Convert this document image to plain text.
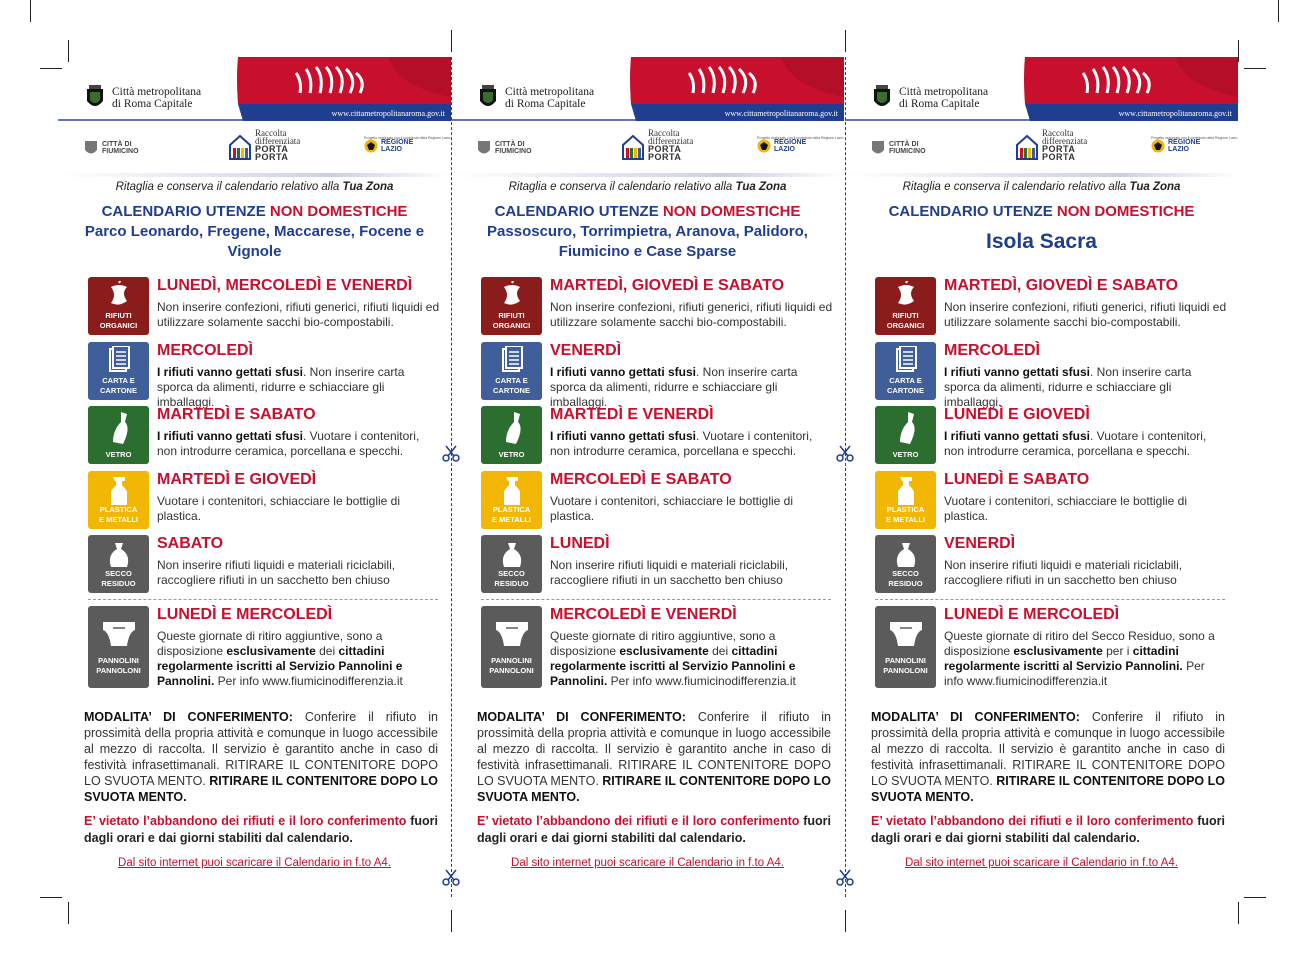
Città metropolitana
di Roma Capitale
www.cittametropolitanaroma.gov.it
CITTÀ DI
FIUMICINO
Raccolta
differenziata
PORTA
PORTA
Progetto realizzato con il contributo della Regione Lazio
REGIONE
LAZIO
Ritaglia e conserva il calendario relativo alla Tua Zona
CALENDARIO UTENZE NON DOMESTICHE
Parco Leonardo, Fregene, Maccarese, Focene e Vignole
RIFIUTI
ORGANICI
LUNEDÌ, MERCOLEDÌ E VENERDÌ
Non inserire confezioni, rifiuti generici, rifiuti liquidi ed utilizzare solamente sacchi bio-compostabili.
CARTA E
CARTONE
MERCOLEDÌ
I rifiuti vanno gettati sfusi. Non inserire carta sporca da alimenti, ridurre e schiacciare gli imballaggi.
VETRO
MARTEDÌ E SABATO
I rifiuti vanno gettati sfusi. Vuotare i contenitori, non introdurre ceramica, porcellana e specchi.
PLASTICA
E METALLI
MARTEDÌ E GIOVEDÌ
Vuotare i contenitori, schiacciare le bottiglie di plastica.
SECCO
RESIDUO
SABATO
Non inserire rifiuti liquidi e materiali riciclabili, raccogliere rifiuti in un sacchetto ben chiuso
PANNOLINI
PANNOLONI
LUNEDÌ E MERCOLEDÌ
Queste giornate di ritiro aggiuntive, sono a disposizione esclusivamente dei cittadini regolarmente iscritti al Servizio Pannolini e Pannolini. Per info www.fiumicinodifferenzia.it
MODALITA’ DI CONFERIMENTO: Conferire il rifiuto in prossimità della propria attività e comunque in luogo accessibile al mezzo di raccolta. Il servizio è garantito anche in caso di festività infrasettimanali. RITIRARE IL CONTENITORE DOPO LO SVUOTA MENTO. RITIRARE IL CONTENITORE DOPO LO SVUOTA MENTO.
E’ vietato l’abbandono dei rifiuti e il loro conferimento fuori dagli orari e dai giorni stabiliti dal calendario.
Dal sito internet puoi scaricare il Calendario in f.to A4.
Città metropolitana
di Roma Capitale
www.cittametropolitanaroma.gov.it
CITTÀ DI
FIUMICINO
Raccolta
differenziata
PORTA
PORTA
Progetto realizzato con il contributo della Regione Lazio
REGIONE
LAZIO
Ritaglia e conserva il calendario relativo alla Tua Zona
CALENDARIO UTENZE NON DOMESTICHE
Passoscuro, Torrimpietra, Aranova, Palidoro, Fiumicino e Case Sparse
RIFIUTI
ORGANICI
MARTEDÌ, GIOVEDÌ E SABATO
Non inserire confezioni, rifiuti generici, rifiuti liquidi ed utilizzare solamente sacchi bio-compostabili.
CARTA E
CARTONE
VENERDÌ
I rifiuti vanno gettati sfusi. Non inserire carta sporca da alimenti, ridurre e schiacciare gli imballaggi.
VETRO
MARTEDÌ E VENERDÌ
I rifiuti vanno gettati sfusi. Vuotare i contenitori, non introdurre ceramica, porcellana e specchi.
PLASTICA
E METALLI
MERCOLEDÌ E SABATO
Vuotare i contenitori, schiacciare le bottiglie di plastica.
SECCO
RESIDUO
LUNEDÌ
Non inserire rifiuti liquidi e materiali riciclabili, raccogliere rifiuti in un sacchetto ben chiuso
PANNOLINI
PANNOLONI
MERCOLEDÌ E VENERDÌ
Queste giornate di ritiro aggiuntive, sono a disposizione esclusivamente dei cittadini regolarmente iscritti al Servizio Pannolini e Pannolini. Per info www.fiumicinodifferenzia.it
MODALITA’ DI CONFERIMENTO: Conferire il rifiuto in prossimità della propria attività e comunque in luogo accessibile al mezzo di raccolta. Il servizio è garantito anche in caso di festività infrasettimanali. RITIRARE IL CONTENITORE DOPO LO SVUOTA MENTO. RITIRARE IL CONTENITORE DOPO LO SVUOTA MENTO.
E’ vietato l’abbandono dei rifiuti e il loro conferimento fuori dagli orari e dai giorni stabiliti dal calendario.
Dal sito internet puoi scaricare il Calendario in f.to A4.
Città metropolitana
di Roma Capitale
www.cittametropolitanaroma.gov.it
CITTÀ DI
FIUMICINO
Raccolta
differenziata
PORTA
PORTA
Progetto realizzato con il contributo della Regione Lazio
REGIONE
LAZIO
Ritaglia e conserva il calendario relativo alla Tua Zona
CALENDARIO UTENZE NON DOMESTICHE
Isola Sacra
RIFIUTI
ORGANICI
MARTEDÌ, GIOVEDÌ E SABATO
Non inserire confezioni, rifiuti generici, rifiuti liquidi ed utilizzare solamente sacchi bio-compostabili.
CARTA E
CARTONE
MERCOLEDÌ
I rifiuti vanno gettati sfusi. Non inserire carta sporca da alimenti, ridurre e schiacciare gli imballaggi.
VETRO
LUNEDÌ E GIOVEDÌ
I rifiuti vanno gettati sfusi. Vuotare i contenitori, non introdurre ceramica, porcellana e specchi.
PLASTICA
E METALLI
LUNEDÌ E SABATO
Vuotare i contenitori, schiacciare le bottiglie di plastica.
SECCO
RESIDUO
VENERDÌ
Non inserire rifiuti liquidi e materiali riciclabili, raccogliere rifiuti in un sacchetto ben chiuso
PANNOLINI
PANNOLONI
LUNEDÌ E MERCOLEDÌ
Queste giornate di ritiro del Secco Residuo, sono a disposizione esclusivamente per i cittadini regolarmente iscritti al Servizio Pannolini. Per info www.fiumicinodifferenzia.it
MODALITA’ DI CONFERIMENTO: Conferire il rifiuto in prossimità della propria attività e comunque in luogo accessibile al mezzo di raccolta. Il servizio è garantito anche in caso di festività infrasettimanali. RITIRARE IL CONTENITORE DOPO LO SVUOTA MENTO. RITIRARE IL CONTENITORE DOPO LO SVUOTA MENTO.
E’ vietato l’abbandono dei rifiuti e il loro conferimento fuori dagli orari e dai giorni stabiliti dal calendario.
Dal sito internet puoi scaricare il Calendario in f.to A4.
